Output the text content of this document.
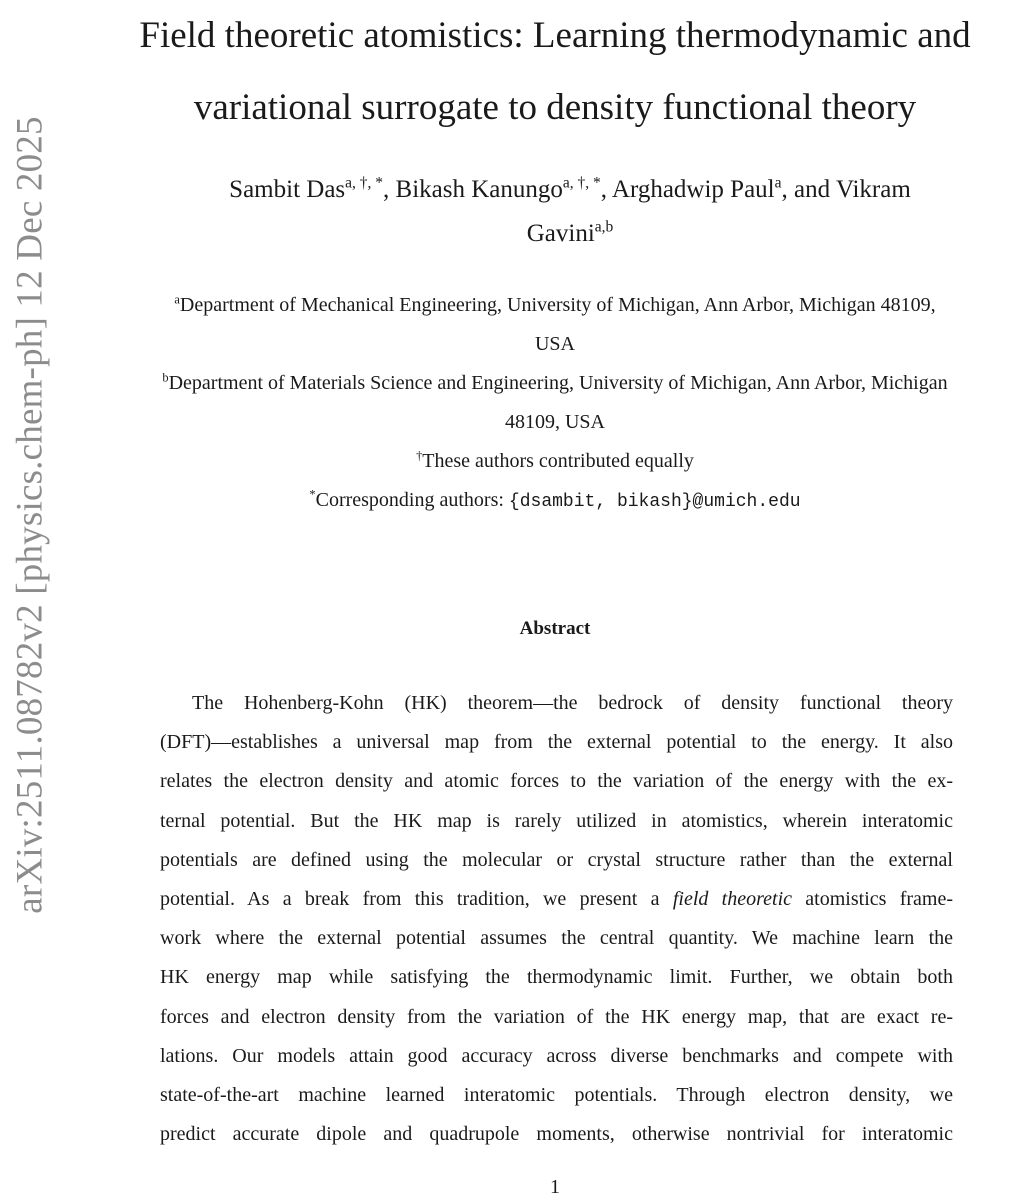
arXiv:2511.08782v2 [physics.chem-ph] 12 Dec 2025
Field theoretic atomistics: Learning thermodynamic and
variational surrogate to density functional theory
Sambit Das$^{a, \dagger, *}$, Bikash Kanungo$^{a, \dagger, *}$, Arghadwip Paul$^a$, and Vikram
Gavini$^{a,b}$
$^a$Department of Mechanical Engineering, University of Michigan, Ann Arbor, Michigan 48109,
USA
$^b$Department of Materials Science and Engineering, University of Michigan, Ann Arbor, Michigan
48109, USA
†These authors contributed equally
*Corresponding authors: {dsambit, bikash}@umich.edu
Abstract
The Hohenberg-Kohn (HK) theorem—the bedrock of density functional theory
(DFT)—establishes a universal map from the external potential to the energy. It also
relates the electron density and atomic forces to the variation of the energy with the ex-
ternal potential. But the HK map is rarely utilized in atomistics, wherein interatomic
potentials are defined using the molecular or crystal structure rather than the external
potential. As a break from this tradition, we present a field theoretic atomistics frame-
work where the external potential assumes the central quantity. We machine learn the
HK energy map while satisfying the thermodynamic limit. Further, we obtain both
forces and electron density from the variation of the HK energy map, that are exact re-
lations. Our models attain good accuracy across diverse benchmarks and compete with
state-of-the-art machine learned interatomic potentials. Through electron density, we
predict accurate dipole and quadrupole moments, otherwise nontrivial for interatomic
1
